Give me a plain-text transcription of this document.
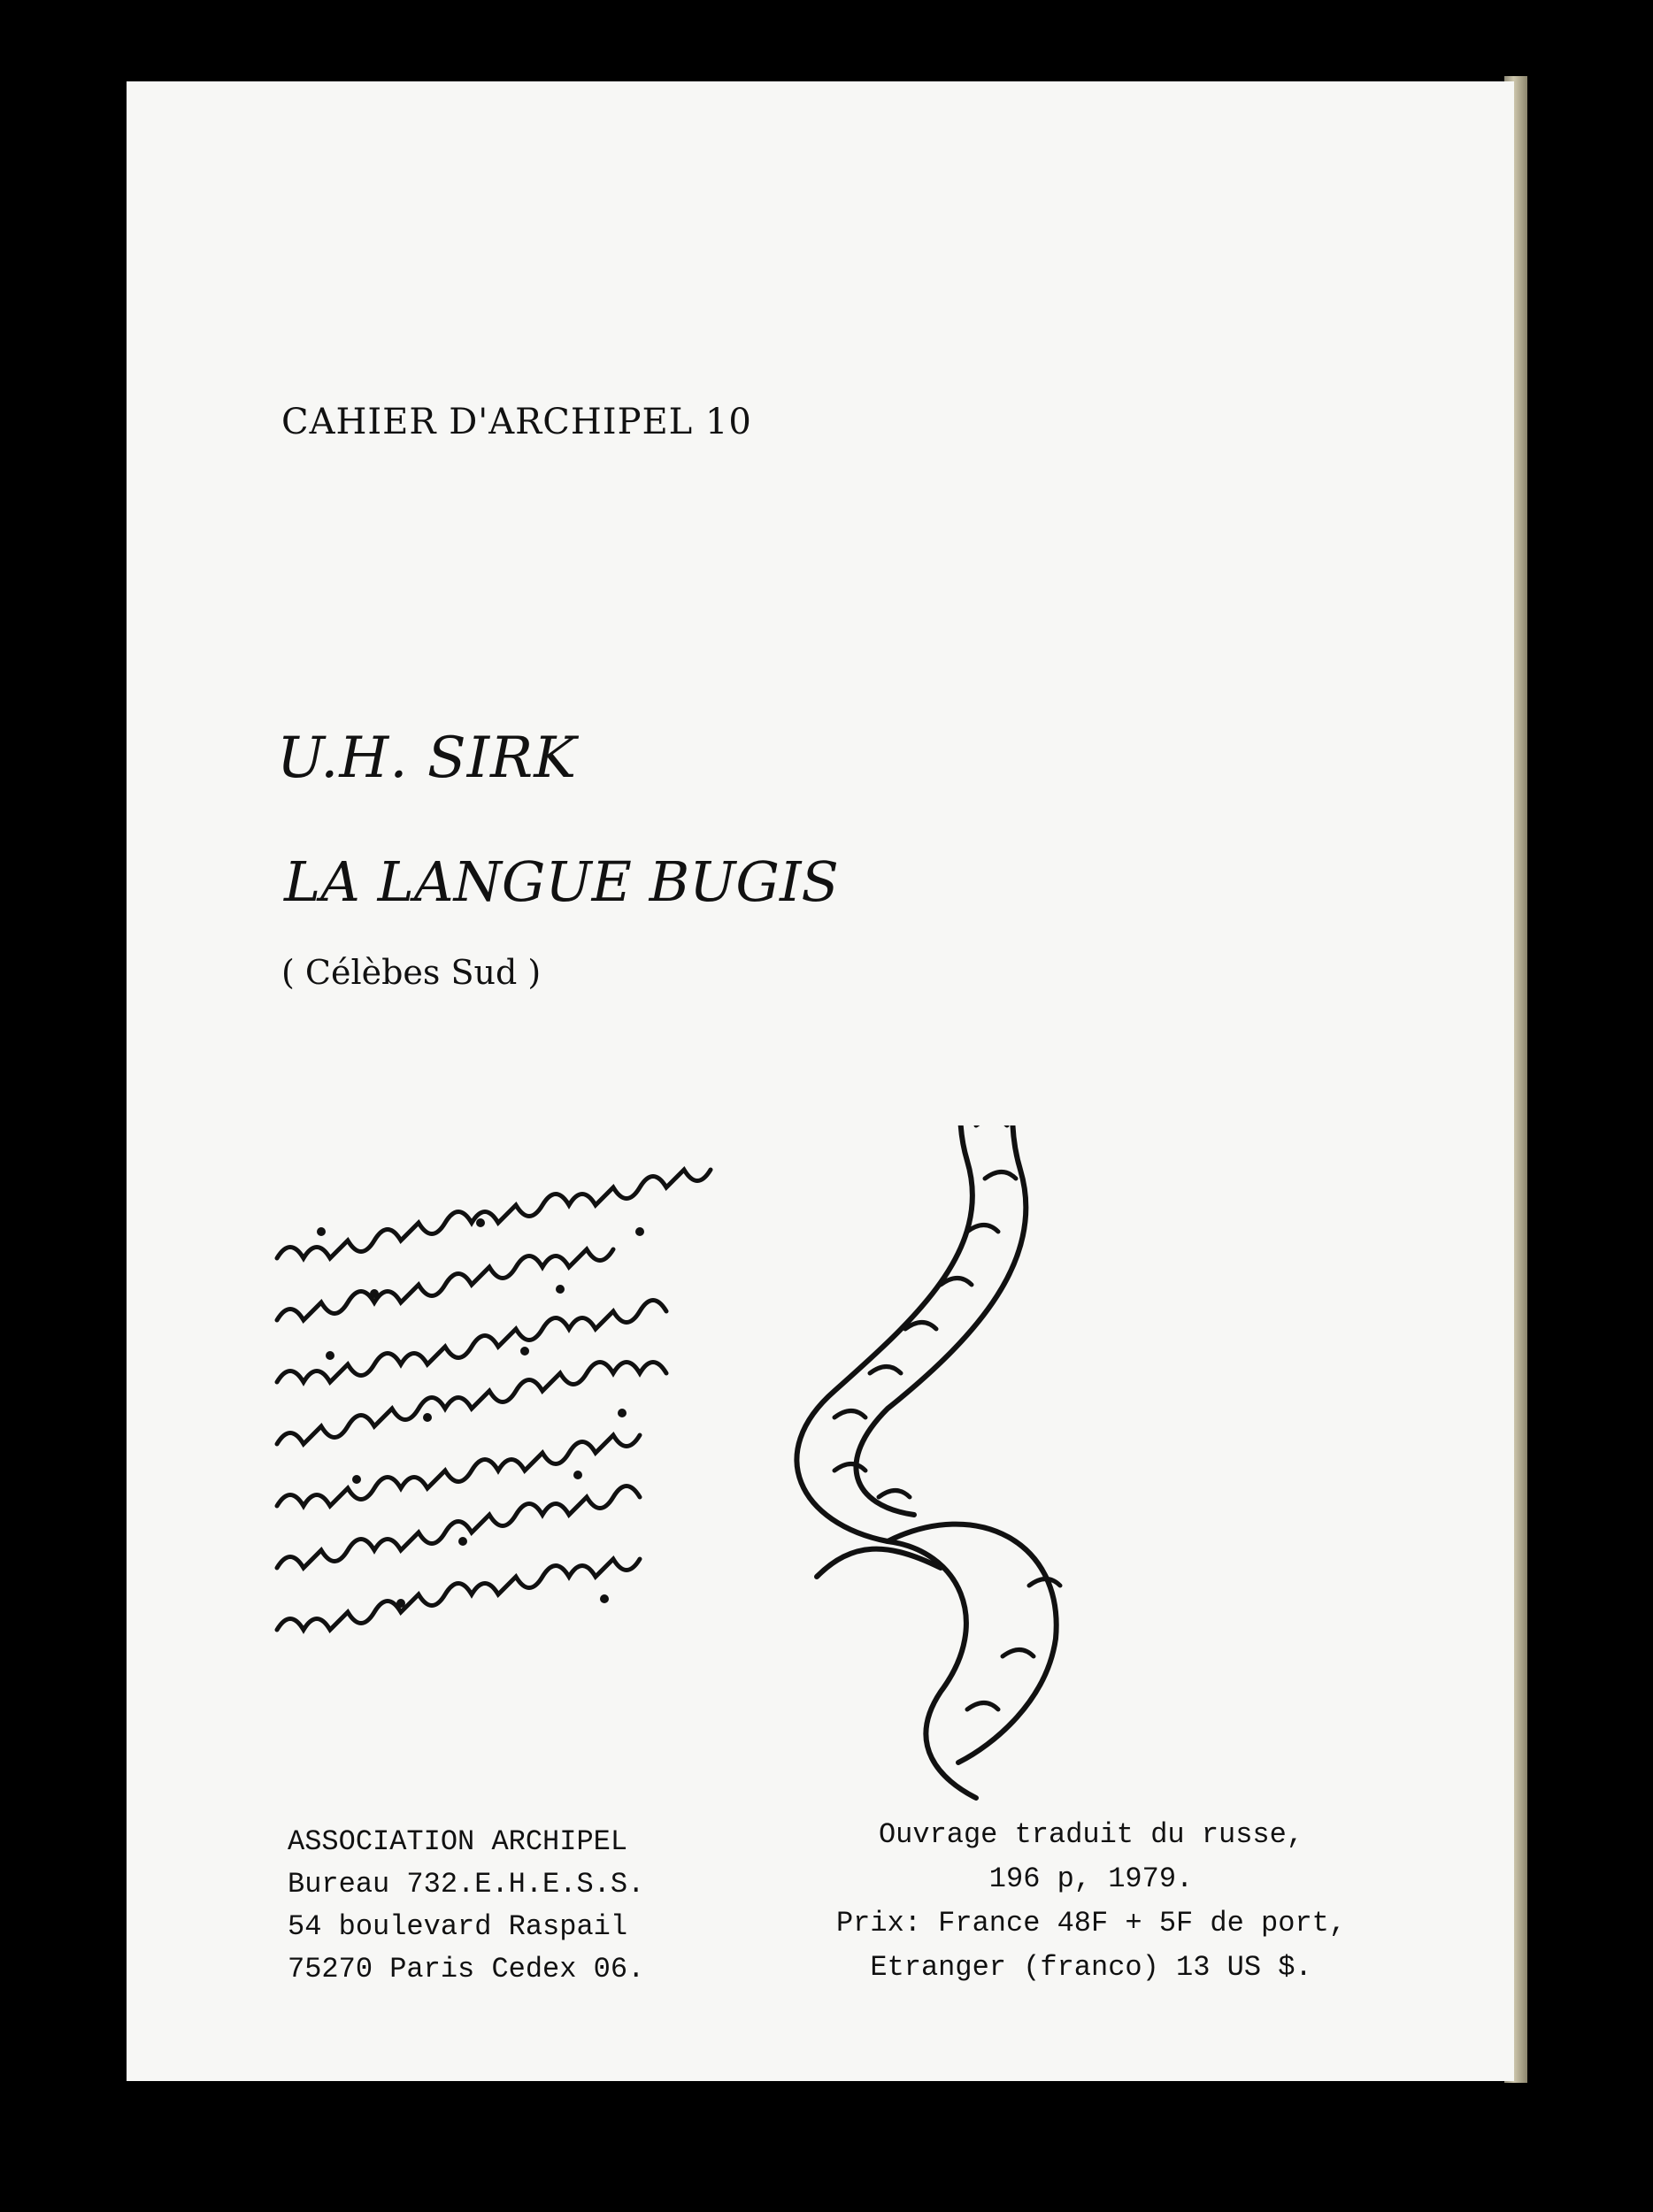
CAHIER D'ARCHIPEL 10
U.H. SIRK
LA LANGUE BUGIS
( Célèbes Sud )
ASSOCIATION ARCHIPEL
Bureau 732.E.H.E.S.S.
54 boulevard Raspail
75270 Paris Cedex 06.
Ouvrage traduit du russe,
196 p, 1979.
Prix: France 48F + 5F de port,
Etranger (franco) 13 US $.
